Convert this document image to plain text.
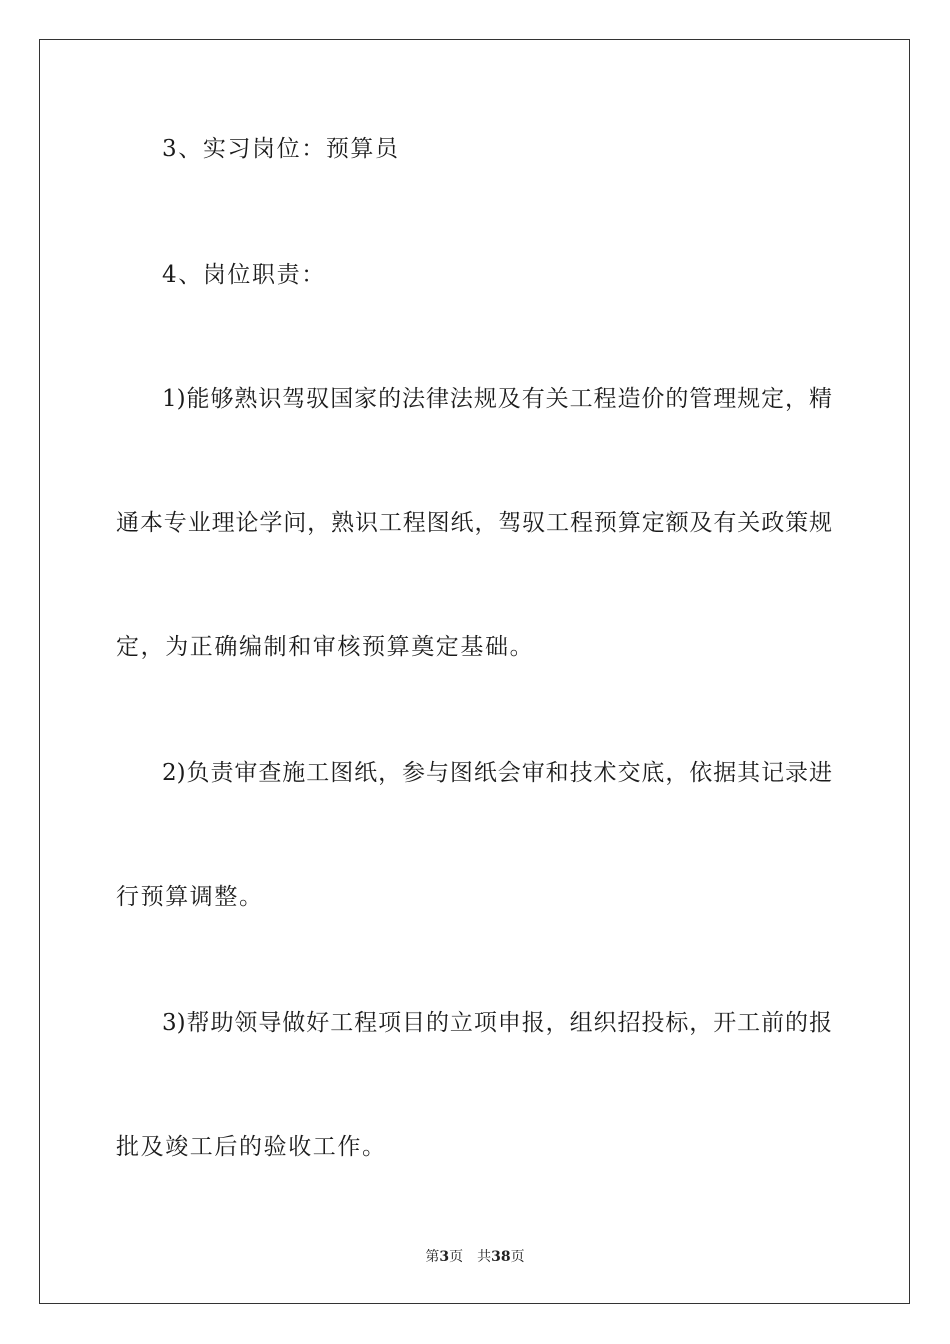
3、实习岗位：预算员
4、岗位职责：
1)能够熟识驾驭国家的法律法规及有关工程造价的管理规定，精
通本专业理论学问，熟识工程图纸，驾驭工程预算定额及有关政策规
定，为正确编制和审核预算奠定基础。
2)负责审查施工图纸，参与图纸会审和技术交底，依据其记录进
行预算调整。
3)帮助领导做好工程项目的立项申报，组织招投标，开工前的报
批及竣工后的验收工作。
第3页 共38页
